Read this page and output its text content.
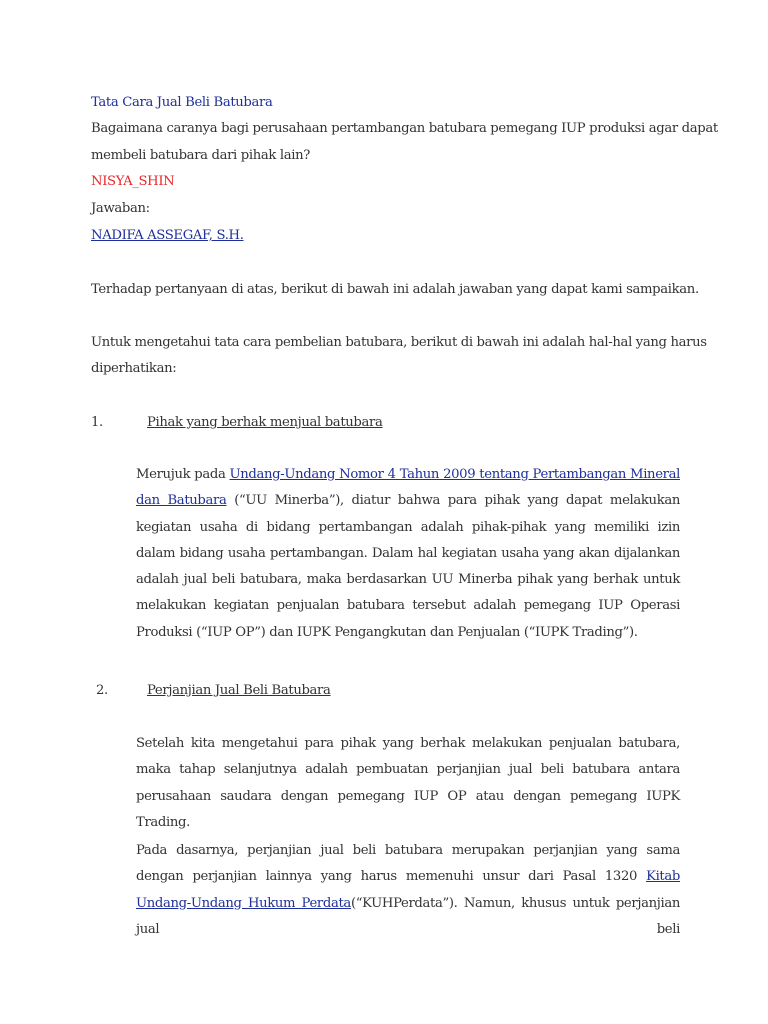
Tata Cara Jual Beli Batubara
Bagaimana caranya bagi perusahaan pertambangan batubara pemegang IUP produksi agar dapat
membeli batubara dari pihak lain?
NISYA_SHIN
Jawaban:
NADIFA ASSEGAF, S.H.
Terhadap pertanyaan di atas, berikut di bawah ini adalah jawaban yang dapat kami sampaikan.
Untuk mengetahui tata cara pembelian batubara, berikut di bawah ini adalah hal-hal yang harus
diperhatikan:
1.	Pihak yang berhak menjual batubara
Merujuk pada Undang-Undang Nomor 4 Tahun 2009 tentang Pertambangan Mineral dan Batubara (“UU Minerba”), diatur bahwa para pihak yang dapat melakukan kegiatan usaha di bidang pertambangan adalah pihak-pihak yang memiliki izin dalam bidang usaha pertambangan. Dalam hal kegiatan usaha yang akan dijalankan adalah jual beli batubara, maka berdasarkan UU Minerba pihak yang berhak untuk melakukan kegiatan penjualan batubara tersebut adalah pemegang IUP Operasi Produksi (“IUP OP”) dan IUPK Pengangkutan dan Penjualan (“IUPK Trading”).
2.	Perjanjian Jual Beli Batubara
Setelah kita mengetahui para pihak yang berhak melakukan penjualan batubara, maka tahap selanjutnya adalah pembuatan perjanjian jual beli batubara antara perusahaan saudara dengan pemegang IUP OP atau dengan pemegang IUPK Trading.
Pada dasarnya, perjanjian jual beli batubara merupakan perjanjian yang sama dengan perjanjian lainnya yang harus memenuhi unsur dari Pasal 1320 Kitab Undang-Undang Hukum Perdata(“KUHPerdata”). Namun, khusus untuk perjanjian jual beli
